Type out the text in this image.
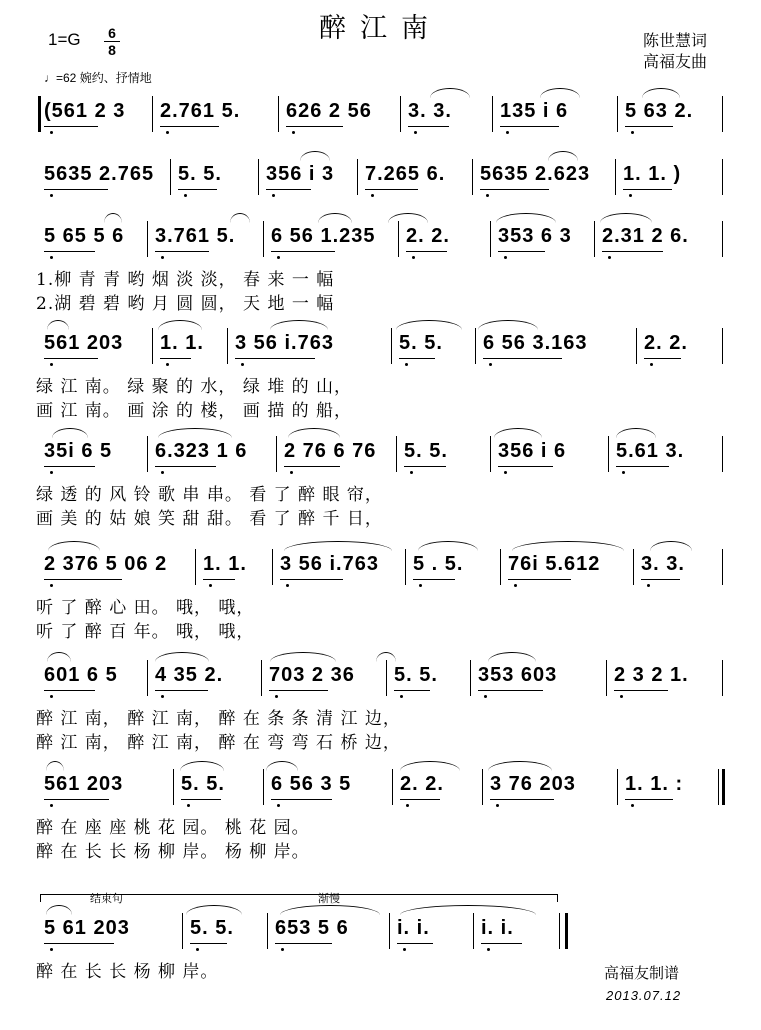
醉江南
1=G 6
8	陈世慧词
高福友曲
♩=62 婉约、抒情地
(561 2 3 2.761 5. 626 2 56 3. 3. 135 i 6	5 63 2.
5635 2.765 5. 5. 356 i 3 7.265 6. 5635 2.623 1. 1. )
5 65 5 6 3.761 5. 6 56 1.235 2. 2. 353 6 3 2.31 2 6.
1.柳 青 青 哟 烟 淡 淡， 春 来 一 幅
2.湖 碧 碧 哟 月 圆 圆， 天 地 一 幅
561 203 1. 1. 3 56 i.763	5. 5. 6 56 3.163	2. 2.
绿 江 南。 绿 聚 的 水， 绿 堆 的 山，
画 江 南。 画 涂 的 楼， 画 描 的 船，
35i 6 5 6.323 1 6 2 76 6 76 5. 5.	356 i 6 5.61 3.
绿 透 的 风 铃 歌 串 串。 看 了 醉 眼 帘，
画 美 的 姑 娘 笑 甜 甜。 看 了 醉 千 日，
2 376 5 06 2 1. 1. 3 56 i.763 5 . 5. 76i 5.612 3. 3.
听 了 醉 心 田。 哦， 哦，
听 了 醉 百 年。 哦， 哦，
601 6 5 4 35 2. 703 2 36 5. 5. 353 603	2 3 2 1.
醉 江 南， 醉 江 南， 醉 在 条 条 清 江 边，
醉 江 南， 醉 江 南， 醉 在 弯 弯 石 桥 边，
561 203	5. 5. 6 56 3 5 2. 2. 3 76 203 1. 1. :
醉 在 座 座 桃 花 园。 桃 花 园。
醉 在 长 长 杨 柳 岸。 杨 柳 岸。
5 61 203	5. 5. 653 5 6 i. i.	i. i.
醉 在 长 长 杨 柳 岸。
结束句	渐慢
高福友制谱
2013.07.12
